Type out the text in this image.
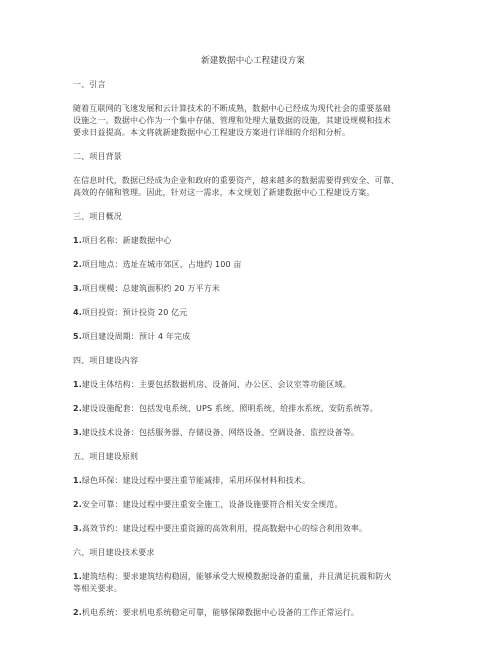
新建数据中心工程建设方案
一、引言
随着互联网的飞速发展和云计算技术的不断成熟，数据中心已经成为现代社会的重要基础
设施之一。数据中心作为一个集中存储、管理和处理大量数据的设施，其建设规模和技术
要求日益提高。本文将就新建数据中心工程建设方案进行详细的介绍和分析。
二、项目背景
在信息时代，数据已经成为企业和政府的重要资产，越来越多的数据需要得到安全、可靠、
高效的存储和管理。因此，针对这一需求，本文规划了新建数据中心工程建设方案。
三、项目概况
1.项目名称：新建数据中心
2.项目地点：选址在城市郊区，占地约 100 亩
3.项目规模：总建筑面积约 20 万平方米
4.项目投资：预计投资 20 亿元
5.项目建设周期：预计 4 年完成
四、项目建设内容
1.建设主体结构：主要包括数据机房、设备间、办公区、会议室等功能区域。
2.建设设施配套：包括发电系统、UPS 系统、照明系统、给排水系统、安防系统等。
3.建设技术设备：包括服务器、存储设备、网络设备、空调设备、监控设备等。
五、项目建设原则
1.绿色环保：建设过程中要注重节能减排，采用环保材料和技术。
2.安全可靠：建设过程中要注重安全施工，设备设施要符合相关安全规范。
3.高效节约：建设过程中要注重资源的高效利用，提高数据中心的综合利用效率。
六、项目建设技术要求
1.建筑结构：要求建筑结构稳固，能够承受大规模数据设备的重量，并且满足抗震和防火
等相关要求。
2.机电系统：要求机电系统稳定可靠，能够保障数据中心设备的工作正常运行。
